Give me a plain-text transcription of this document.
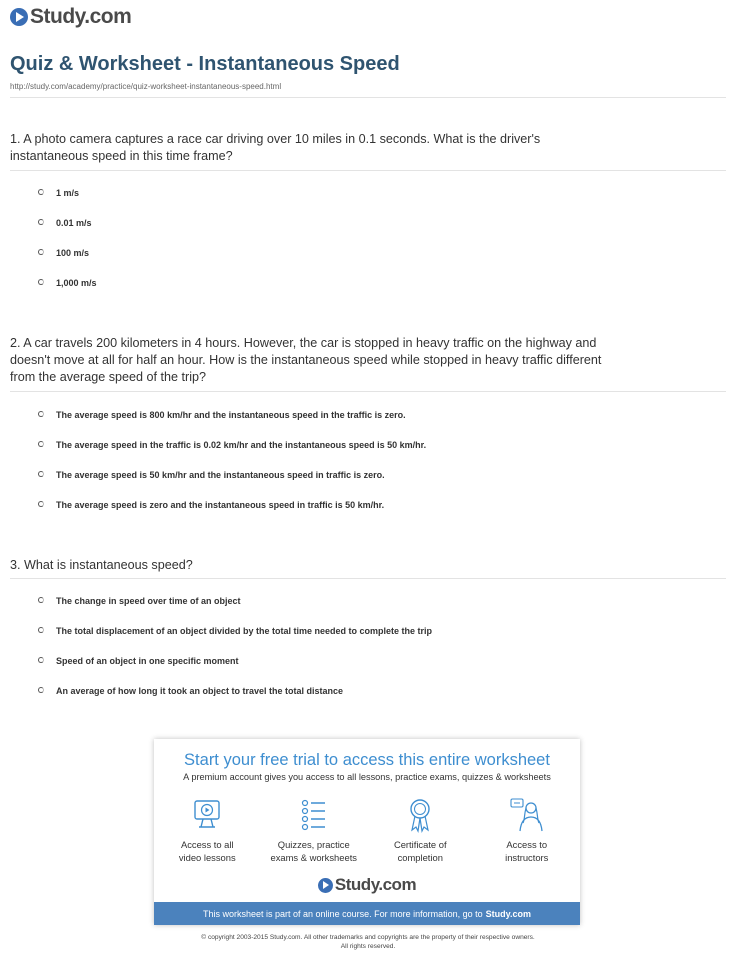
Study.com
Quiz & Worksheet - Instantaneous Speed
http://study.com/academy/practice/quiz-worksheet-instantaneous-speed.html
1. A photo camera captures a race car driving over 10 miles in 0.1 seconds. What is the driver's instantaneous speed in this time frame?
1 m/s
0.01 m/s
100 m/s
1,000 m/s
2. A car travels 200 kilometers in 4 hours. However, the car is stopped in heavy traffic on the highway and doesn't move at all for half an hour. How is the instantaneous speed while stopped in heavy traffic different from the average speed of the trip?
The average speed is 800 km/hr and the instantaneous speed in the traffic is zero.
The average speed in the traffic is 0.02 km/hr and the instantaneous speed is 50 km/hr.
The average speed is 50 km/hr and the instantaneous speed in traffic is zero.
The average speed is zero and the instantaneous speed in traffic is 50 km/hr.
3. What is instantaneous speed?
The change in speed over time of an object
The total displacement of an object divided by the total time needed to complete the trip
Speed of an object in one specific moment
An average of how long it took an object to travel the total distance
Start your free trial to access this entire worksheet
A premium account gives you access to all lessons, practice exams, quizzes & worksheets
Access to all
video lessons
Quizzes, practice
exams & worksheets
Certificate of
completion
Access to
instructors
Study.com
This worksheet is part of an online course. For more information, go to Study.com
© copyright 2003-2015 Study.com. All other trademarks and copyrights are the property of their respective owners.
All rights reserved.
